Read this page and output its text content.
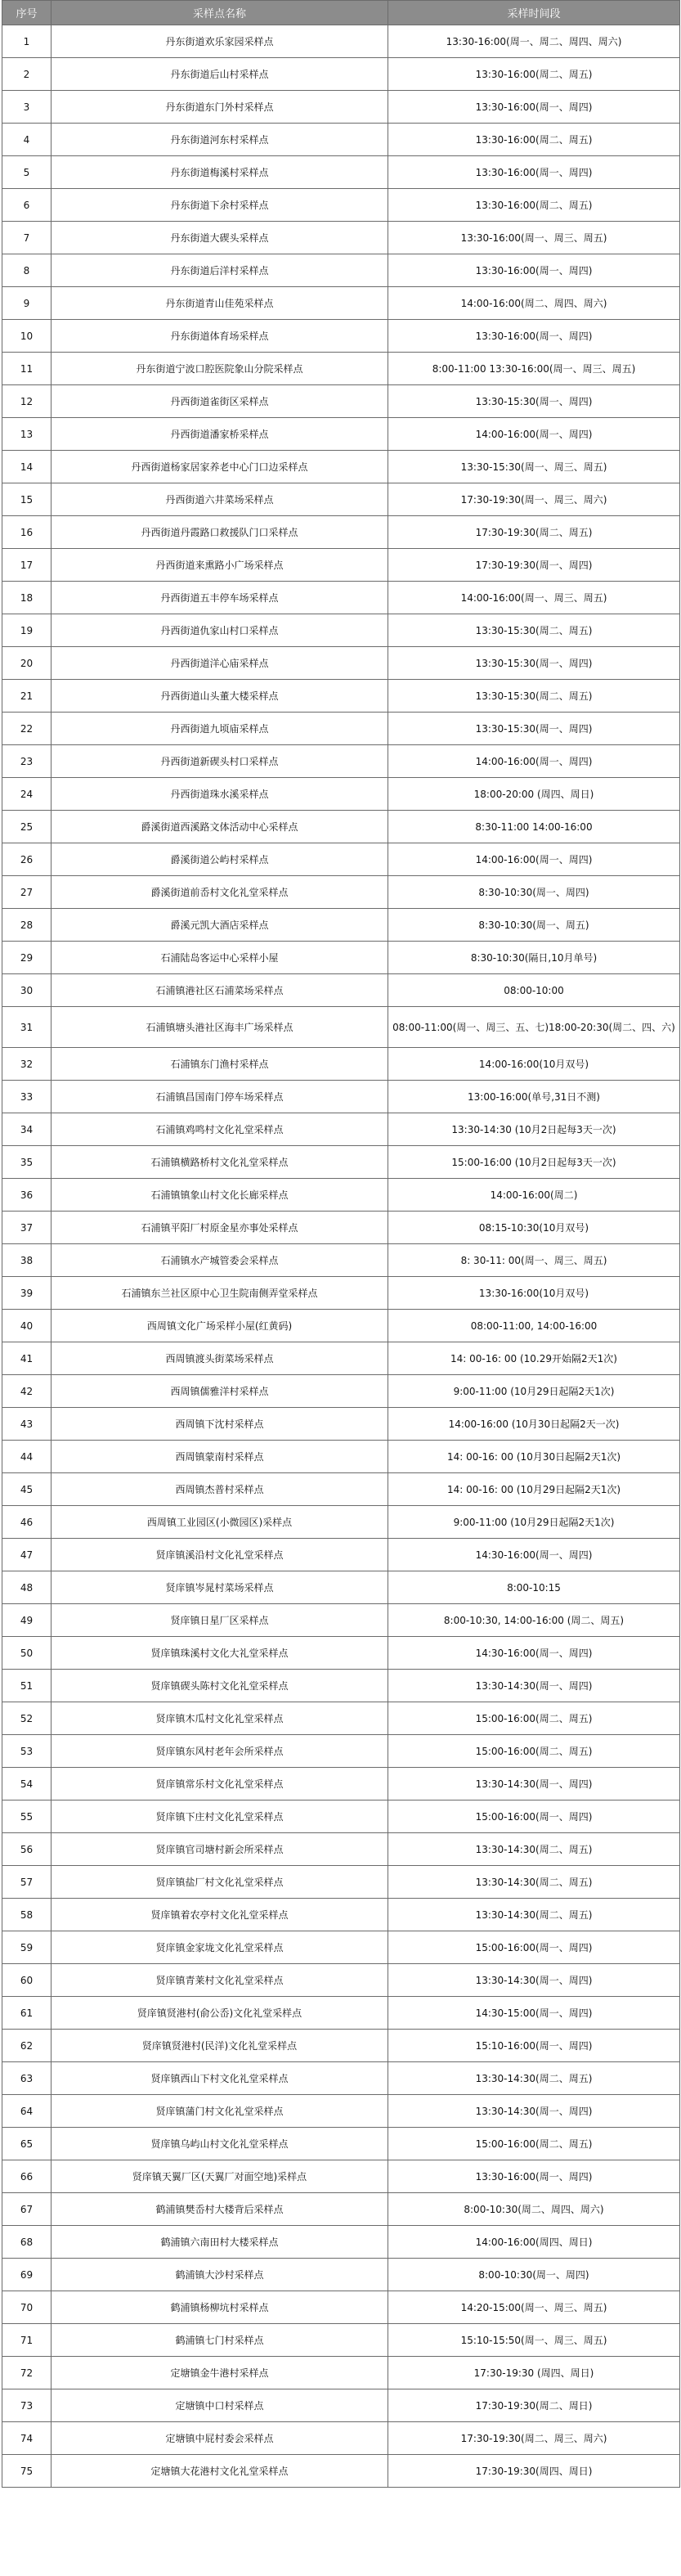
序号	采样点名称	采样时间段
1	丹东街道欢乐家园采样点	13:30-16:00(周一、周二、周四、周六)
2	丹东街道后山村采样点	13:30-16:00(周二、周五)
3	丹东街道东门外村采样点	13:30-16:00(周一、周四)
4	丹东街道河东村采样点	13:30-16:00(周二、周五)
5	丹东街道梅溪村采样点	13:30-16:00(周一、周四)
6	丹东街道下余村采样点	13:30-16:00(周二、周五)
7	丹东街道大碶头采样点	13:30-16:00(周一、周三、周五)
8	丹东街道后洋村采样点	13:30-16:00(周一、周四)
9	丹东街道青山佳苑采样点	14:00-16:00(周二、周四、周六)
10	丹东街道体育场采样点	13:30-16:00(周一、周四)
11	丹东街道宁波口腔医院象山分院采样点	8:00-11:00 13:30-16:00(周一、周三、周五)
12	丹西街道雀街区采样点	13:30-15:30(周一、周四)
13	丹西街道潘家桥采样点	14:00-16:00(周一、周四)
14	丹西街道杨家居家养老中心门口边采样点	13:30-15:30(周一、周三、周五)
15	丹西街道六井菜场采样点	17:30-19:30(周一、周三、周六)
16	丹西街道丹霞路口救援队门口采样点	17:30-19:30(周二、周五)
17	丹西街道来熏路小广场采样点	17:30-19:30(周一、周四)
18	丹西街道五丰停车场采样点	14:00-16:00(周一、周三、周五)
19	丹西街道仇家山村口采样点	13:30-15:30(周二、周五)
20	丹西街道洋心庙采样点	13:30-15:30(周一、周四)
21	丹西街道山头董大楼采样点	13:30-15:30(周二、周五)
22	丹西街道九顷庙采样点	13:30-15:30(周一、周四)
23	丹西街道新碶头村口采样点	14:00-16:00(周一、周四)
24	丹西街道珠水溪采样点	18:00-20:00 (周四、周日)
25	爵溪街道西溪路文体活动中心采样点	8:30-11:00 14:00-16:00
26	爵溪街道公屿村采样点	14:00-16:00(周一、周四)
27	爵溪街道前岙村文化礼堂采样点	8:30-10:30(周一、周四)
28	爵溪元凯大酒店采样点	8:30-10:30(周一、周五)
29	石浦陆岛客运中心采样小屋	8:30-10:30(隔日,10月单号)
30	石浦镇港社区石浦菜场采样点	08:00-10:00
31	石浦镇塘头港社区海丰广场采样点	08:00-11:00(周一、周三、五、七)18:00-20:30(周二、四、六)
32	石浦镇东门渔村采样点	14:00-16:00(10月双号)
33	石浦镇昌国南门停车场采样点	13:00-16:00(单号,31日不测)
34	石浦镇鸡鸣村文化礼堂采样点	13:30-14:30 (10月2日起每3天一次)
35	石浦镇横路桥村文化礼堂采样点	15:00-16:00 (10月2日起每3天一次)
36	石浦镇镇象山村文化长廊采样点	14:00-16:00(周二)
37	石浦镇平阳厂村原金星亦事处采样点	08:15-10:30(10月双号)
38	石浦镇水产城管委会采样点	8: 30-11: 00(周一、周三、周五)
39	石浦镇东兰社区原中心卫生院南侧弄堂采样点	13:30-16:00(10月双号)
40	西周镇文化广场采样小屋(红黄码)	08:00-11:00, 14:00-16:00
41	西周镇渡头街菜场采样点	14: 00-16: 00 (10.29开始隔2天1次)
42	西周镇儒雅洋村采样点	9:00-11:00 (10月29日起隔2天1次)
43	西周镇下沈村采样点	14:00-16:00 (10月30日起隔2天一次)
44	西周镇蒙南村采样点	14: 00-16: 00 (10月30日起隔2天1次)
45	西周镇杰普村采样点	14: 00-16: 00 (10月29日起隔2天1次)
46	西周镇工业园区(小微园区)采样点	9:00-11:00 (10月29日起隔2天1次)
47	贤庠镇溪沿村文化礼堂采样点	14:30-16:00(周一、周四)
48	贤庠镇岑晁村菜场采样点	8:00-10:15
49	贤庠镇日星厂区采样点	8:00-10:30, 14:00-16:00 (周二、周五)
50	贤庠镇珠溪村文化大礼堂采样点	14:30-16:00(周一、周四)
51	贤庠镇碶头陈村文化礼堂采样点	13:30-14:30(周一、周四)
52	贤庠镇木瓜村文化礼堂采样点	15:00-16:00(周二、周五)
53	贤庠镇东风村老年会所采样点	15:00-16:00(周二、周五)
54	贤庠镇常乐村文化礼堂采样点	13:30-14:30(周一、周四)
55	贤庠镇下庄村文化礼堂采样点	15:00-16:00(周一、周四)
56	贤庠镇官司塘村新会所采样点	13:30-14:30(周二、周五)
57	贤庠镇盐厂村文化礼堂采样点	13:30-14:30(周二、周五)
58	贤庠镇着农亭村文化礼堂采样点	13:30-14:30(周二、周五)
59	贤庠镇金家垅文化礼堂采样点	15:00-16:00(周一、周四)
60	贤庠镇青莱村文化礼堂采样点	13:30-14:30(周一、周四)
61	贤庠镇贤港村(俞公岙)文化礼堂采样点	14:30-15:00(周一、周四)
62	贤庠镇贤港村(民洋)文化礼堂采样点	15:10-16:00(周一、周四)
63	贤庠镇西山下村文化礼堂采样点	13:30-14:30(周二、周五)
64	贤庠镇蒲门村文化礼堂采样点	13:30-14:30(周一、周四)
65	贤庠镇乌屿山村文化礼堂采样点	15:00-16:00(周二、周五)
66	贤庠镇天翼厂区(天翼厂对面空地)采样点	13:30-16:00(周一、周四)
67	鹤浦镇樊岙村大楼背后采样点	8:00-10:30(周二、周四、周六)
68	鹤浦镇六南田村大楼采样点	14:00-16:00(周四、周日)
69	鹤浦镇大沙村采样点	8:00-10:30(周一、周四)
70	鹤浦镇杨柳坑村采样点	14:20-15:00(周一、周三、周五)
71	鹤浦镇七门村采样点	15:10-15:50(周一、周三、周五)
72	定塘镇金牛港村采样点	17:30-19:30 (周四、周日)
73	定塘镇中口村采样点	17:30-19:30(周二、周日)
74	定塘镇中屁村委会采样点	17:30-19:30(周二、周三、周六)
75	定塘镇大花港村文化礼堂采样点	17:30-19:30(周四、周日)
